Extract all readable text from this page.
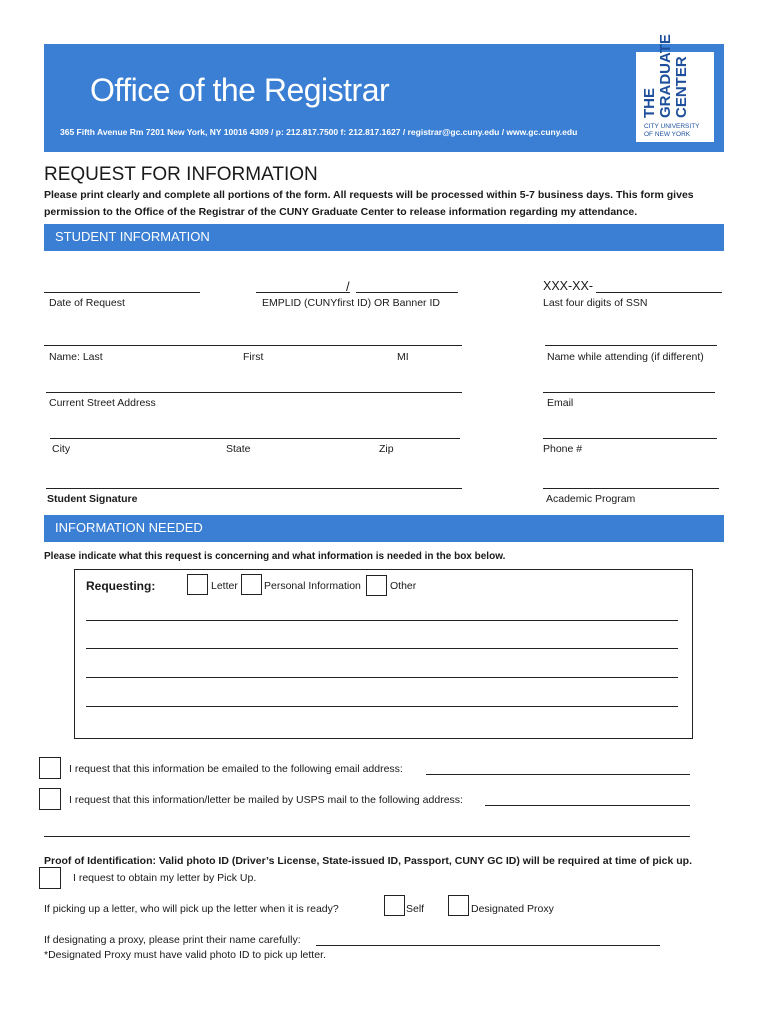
Office of the Registrar
365 Fifth Avenue Rm 7201 New York, NY 10016 4309 / p: 212.817.7500 f: 212.817.1627 / registrar@gc.cuny.edu / www.gc.cuny.edu
THE GRADUATE CENTER
CITY UNIVERSITY
OF NEW YORK
REQUEST FOR INFORMATION
Please print clearly and complete all portions of the form. All requests will be processed within 5-7 business days. This form gives permission to the Office of the Registrar of the CUNY Graduate Center to release information regarding my attendance.
STUDENT INFORMATION
/	XXX-XX-
Date of Request	EMPLID (CUNYfirst ID) OR Banner ID	Last four digits of SSN
Name: Last	First	MI	Name while attending (if different)
Current Street Address	Email
City	State	Zip	Phone #
Student Signature	Academic Program
INFORMATION NEEDED
Please indicate what this request is concerning and what information is needed in the box below.
Requesting:	Letter Personal Information	Other
I request that this information be emailed to the following email address:
I request that this information/letter be mailed by USPS mail to the following address:
Proof of Identification: Valid photo ID (Driver’s License, State-issued ID, Passport, CUNY GC ID) will be required at time of pick up.
I request to obtain my letter by Pick Up.
If picking up a letter, who will pick up the letter when it is ready?	Self	Designated Proxy
If designating a proxy, please print their name carefully:
*Designated Proxy must have valid photo ID to pick up letter.
